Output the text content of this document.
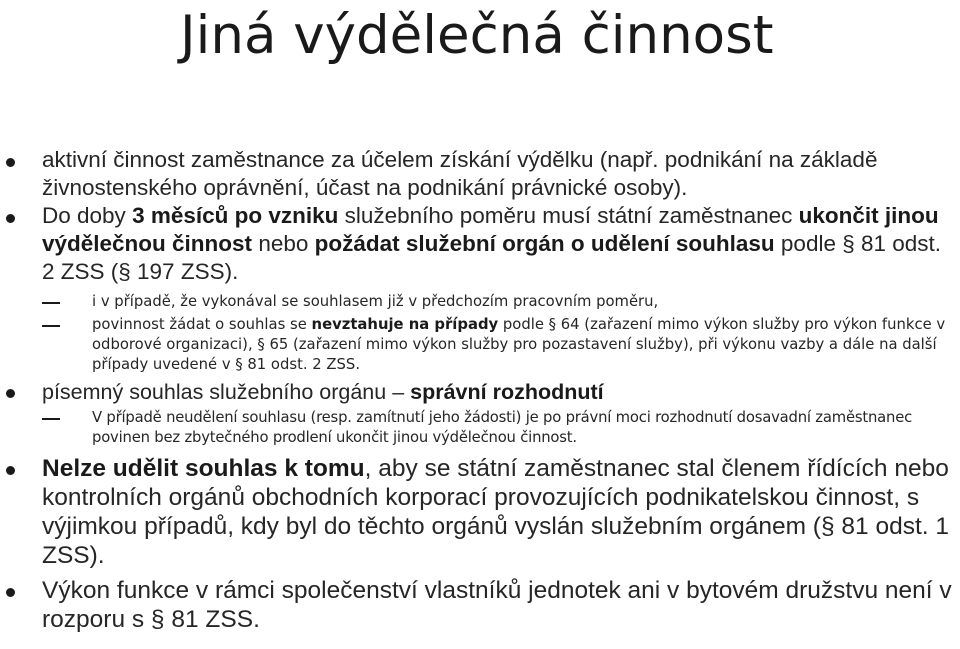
Jiná výdělečná činnost
aktivní činnost zaměstnance za účelem získání výdělku (např. podnikání na základě živnostenského oprávnění, účast na podnikání právnické osoby).
Do doby 3 měsíců po vzniku služebního poměru musí státní zaměstnanec ukončit jinou výdělečnou činnost nebo požádat služební orgán o udělení souhlasu podle § 81 odst. 2 ZSS (§ 197 ZSS).
i v případě, že vykonával se souhlasem již v předchozím pracovním poměru,
povinnost žádat o souhlas se nevztahuje na případy podle § 64 (zařazení mimo výkon služby pro výkon funkce v odborové organizaci), § 65 (zařazení mimo výkon služby pro pozastavení služby), při výkonu vazby a dále na další případy uvedené v § 81 odst. 2 ZSS.
písemný souhlas služebního orgánu – správní rozhodnutí
V případě neudělení souhlasu (resp. zamítnutí jeho žádosti) je po právní moci rozhodnutí dosavadní zaměstnanec povinen bez zbytečného prodlení ukončit jinou výdělečnou činnost.
Nelze udělit souhlas k tomu, aby se státní zaměstnanec stal členem řídících nebo kontrolních orgánů obchodních korporací provozujících podnikatelskou činnost, s výjimkou případů, kdy byl do těchto orgánů vyslán služebním orgánem (§ 81 odst. 1 ZSS).
Výkon funkce v rámci společenství vlastníků jednotek ani v bytovém družstvu není v rozporu s § 81 ZSS.
